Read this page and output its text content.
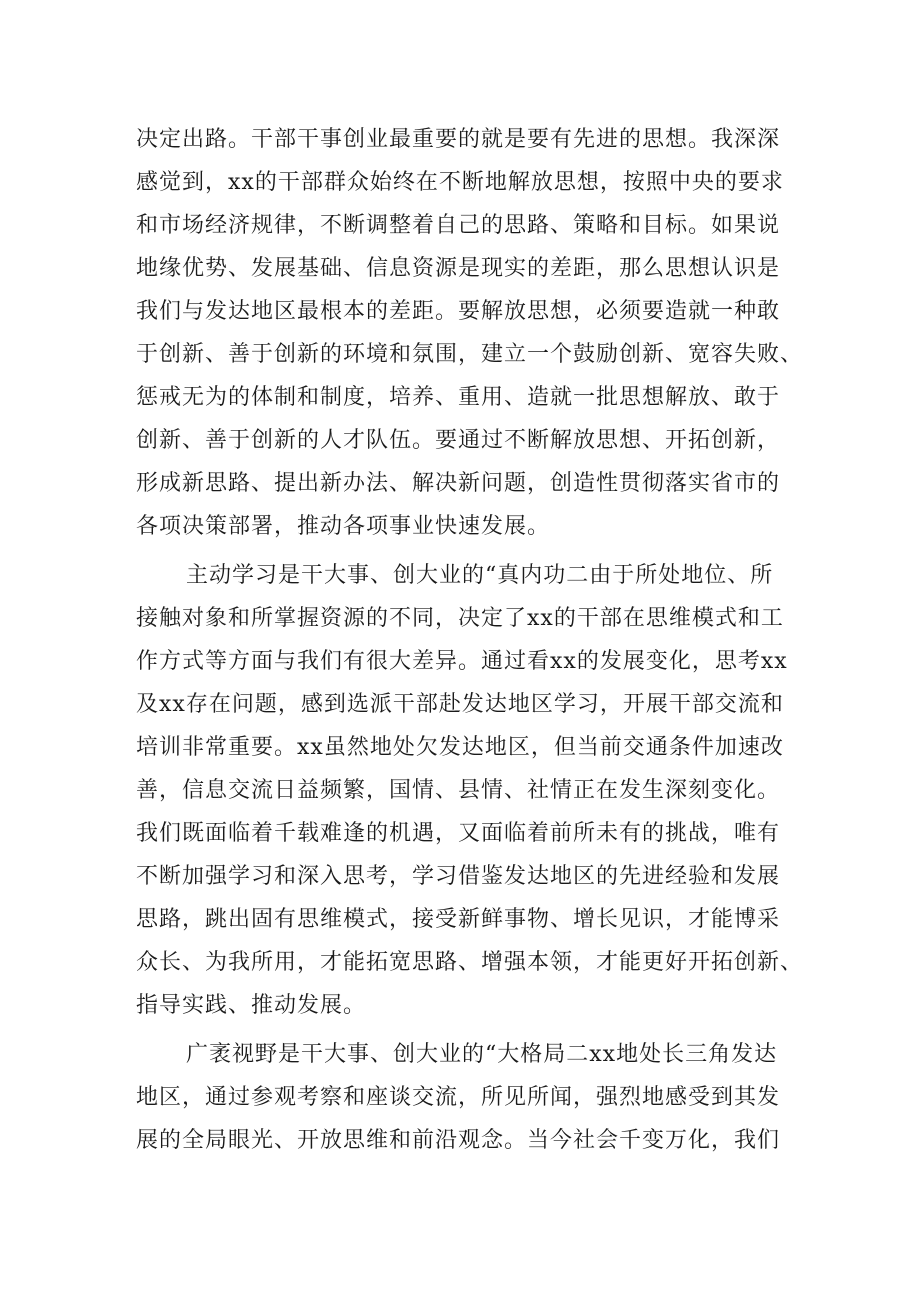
决定出路。干部干事创业最重要的就是要有先进的思想。我深深
感觉到，xx的干部群众始终在不断地解放思想，按照中央的要求
和市场经济规律，不断调整着自己的思路、策略和目标。如果说
地缘优势、发展基础、信息资源是现实的差距，那么思想认识是
我们与发达地区最根本的差距。要解放思想，必须要造就一种敢
于创新、善于创新的环境和氛围，建立一个鼓励创新、宽容失败、
惩戒无为的体制和制度，培养、重用、造就一批思想解放、敢于
创新、善于创新的人才队伍。要通过不断解放思想、开拓创新，
形成新思路、提出新办法、解决新问题，创造性贯彻落实省市的
各项决策部署，推动各项事业快速发展。
主动学习是干大事、创大业的“真内功二由于所处地位、所
接触对象和所掌握资源的不同，决定了xx的干部在思维模式和工
作方式等方面与我们有很大差异。通过看xx的发展变化，思考xx
及xx存在问题，感到选派干部赴发达地区学习，开展干部交流和
培训非常重要。xx虽然地处欠发达地区，但当前交通条件加速改
善，信息交流日益频繁，国情、县情、社情正在发生深刻变化。
我们既面临着千载难逢的机遇，又面临着前所未有的挑战，唯有
不断加强学习和深入思考，学习借鉴发达地区的先进经验和发展
思路，跳出固有思维模式，接受新鲜事物、增长见识，才能博采
众长、为我所用，才能拓宽思路、增强本领，才能更好开拓创新、
指导实践、推动发展。
广袤视野是干大事、创大业的“大格局二xx地处长三角发达
地区，通过参观考察和座谈交流，所见所闻，强烈地感受到其发
展的全局眼光、开放思维和前沿观念。当今社会千变万化，我们
